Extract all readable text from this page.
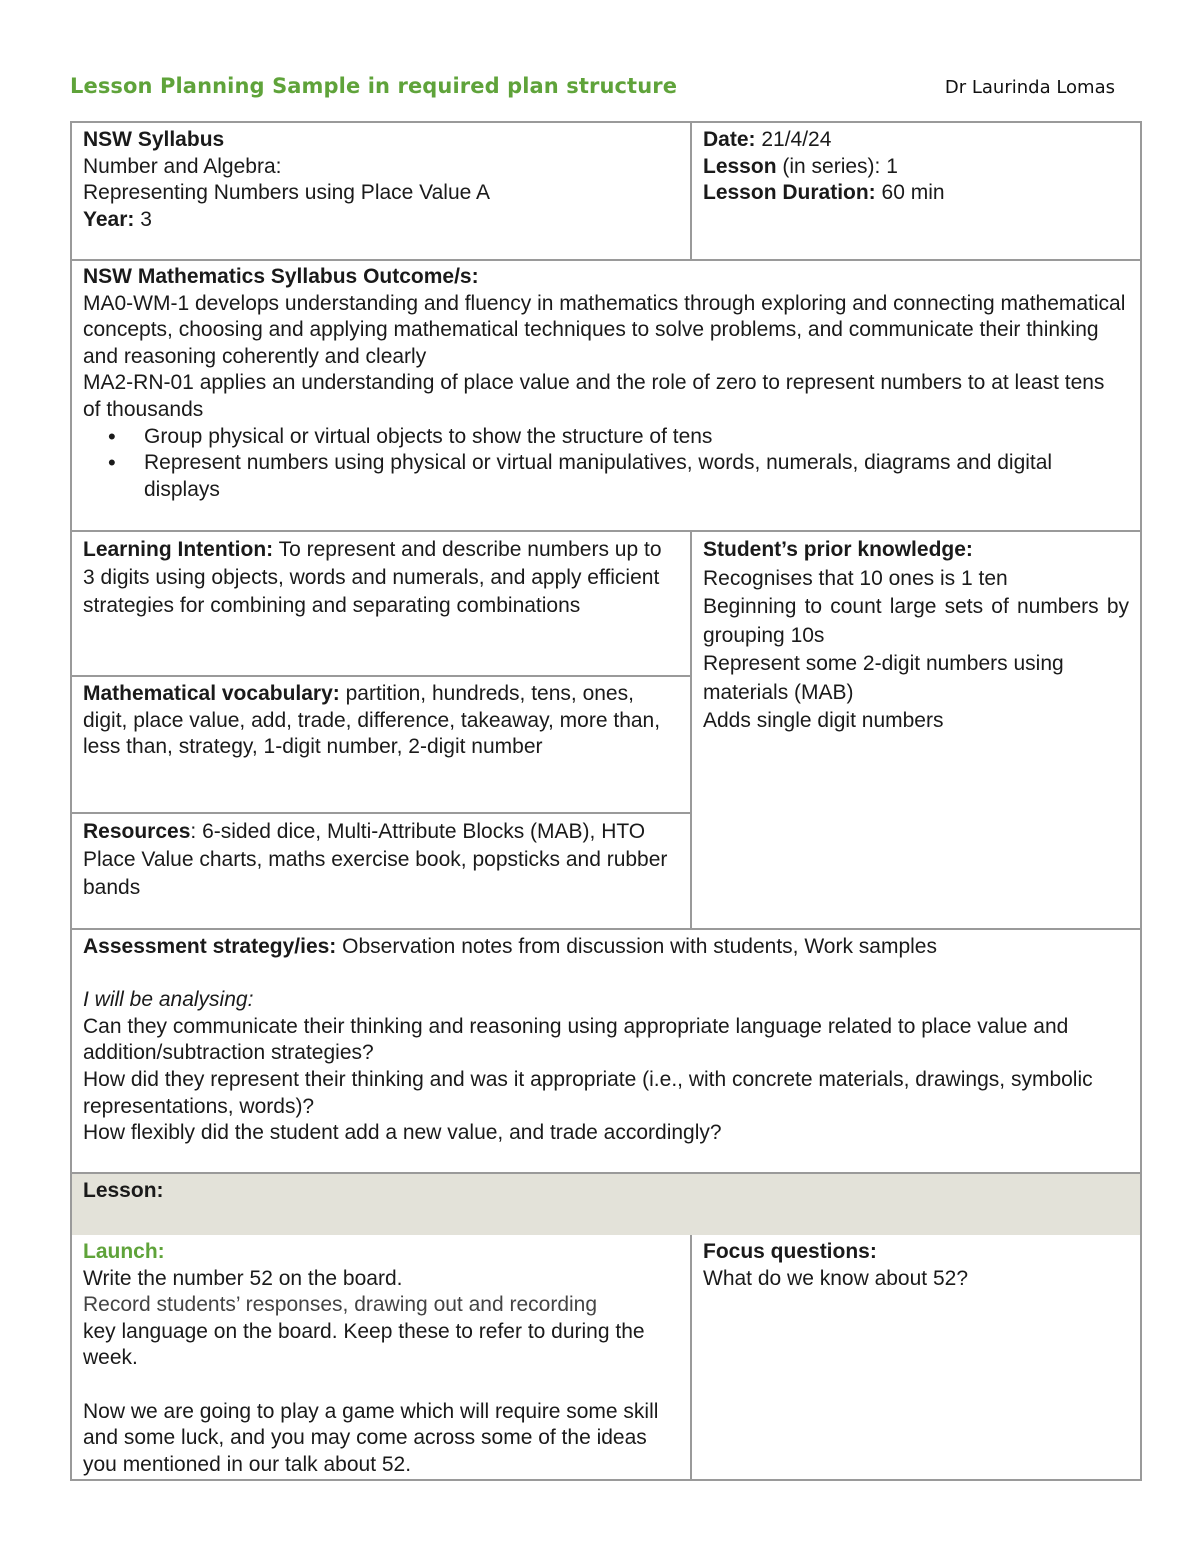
Lesson Planning Sample in required plan structure	Dr Laurinda Lomas
NSW Syllabus
Number and Algebra:
Representing Numbers using Place Value A
Year: 3
Date: 21/4/24
Lesson (in series): 1
Lesson Duration: 60 min
NSW Mathematics Syllabus Outcome/s:
MA0-WM-1 develops understanding and fluency in mathematics through exploring and connecting mathematical concepts, choosing and applying mathematical techniques to solve problems, and communicate their thinking and reasoning coherently and clearly
MA2-RN-01 applies an understanding of place value and the role of zero to represent numbers to at least tens of thousands
• Group physical or virtual objects to show the structure of tens
• Represent numbers using physical or virtual manipulatives, words, numerals, diagrams and digital displays
Learning Intention: To represent and describe numbers up to 3 digits using objects, words and numerals, and apply efficient strategies for combining and separating combinations
Student’s prior knowledge:
Recognises that 10 ones is 1 ten
Beginning to count large sets of numbers by grouping 10s
Represent some 2-digit numbers using materials (MAB)
Adds single digit numbers
Mathematical vocabulary: partition, hundreds, tens, ones, digit, place value, add, trade, difference, takeaway, more than, less than, strategy, 1-digit number, 2-digit number
Resources: 6-sided dice, Multi-Attribute Blocks (MAB), HTO Place Value charts, maths exercise book, popsticks and rubber bands
Assessment strategy/ies: Observation notes from discussion with students, Work samples
I will be analysing:
Can they communicate their thinking and reasoning using appropriate language related to place value and addition/subtraction strategies?
How did they represent their thinking and was it appropriate (i.e., with concrete materials, drawings, symbolic representations, words)?
How flexibly did the student add a new value, and trade accordingly?
Lesson:
Launch:
Write the number 52 on the board.
Record students’ responses, drawing out and recording
key language on the board. Keep these to refer to during the week.
Now we are going to play a game which will require some skill and some luck, and you may come across some of the ideas you mentioned in our talk about 52.
Focus questions:
What do we know about 52?
